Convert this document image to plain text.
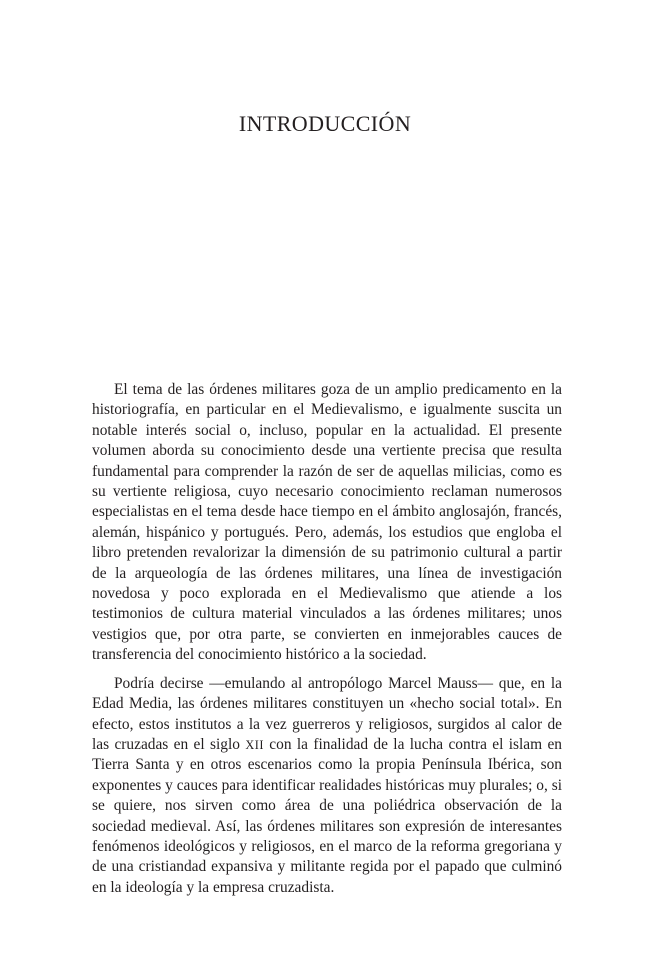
INTRODUCCIÓN

El tema de las órdenes militares goza de un amplio predicamento en la historiografía, en particular en el Medievalismo, e igualmente suscita un notable interés social o, incluso, popular en la actualidad. El presente volumen aborda su conocimiento desde una vertiente precisa que resulta fundamental para comprender la razón de ser de aquellas milicias, como es su vertiente religiosa, cuyo necesario conocimiento reclaman numerosos especialistas en el tema desde hace tiempo en el ámbito anglosajón, francés, alemán, hispánico y portugués. Pero, además, los estudios que engloba el libro pretenden revalorizar la dimensión de su patrimonio cultural a partir de la arqueología de las órdenes militares, una línea de investigación novedosa y poco explorada en el Medievalismo que atiende a los testimonios de cultura material vinculados a las órdenes militares; unos vestigios que, por otra parte, se convierten en inmejorables cauces de transferencia del conocimiento histórico a la sociedad.

Podría decirse —emulando al antropólogo Marcel Mauss— que, en la Edad Media, las órdenes militares constituyen un «hecho social total». En efecto, estos institutos a la vez guerreros y religiosos, surgidos al calor de las cruzadas en el siglo XII con la finalidad de la lucha contra el islam en Tierra Santa y en otros escenarios como la propia Península Ibérica, son exponentes y cauces para identificar realidades históricas muy plurales; o, si se quiere, nos sirven como área de una poliédrica observación de la sociedad medieval. Así, las órdenes militares son expresión de interesantes fenómenos ideológicos y religiosos, en el marco de la reforma gregoriana y de una cristiandad expansiva y militante regida por el papado que culminó en la ideología y la empresa cruzadista.
